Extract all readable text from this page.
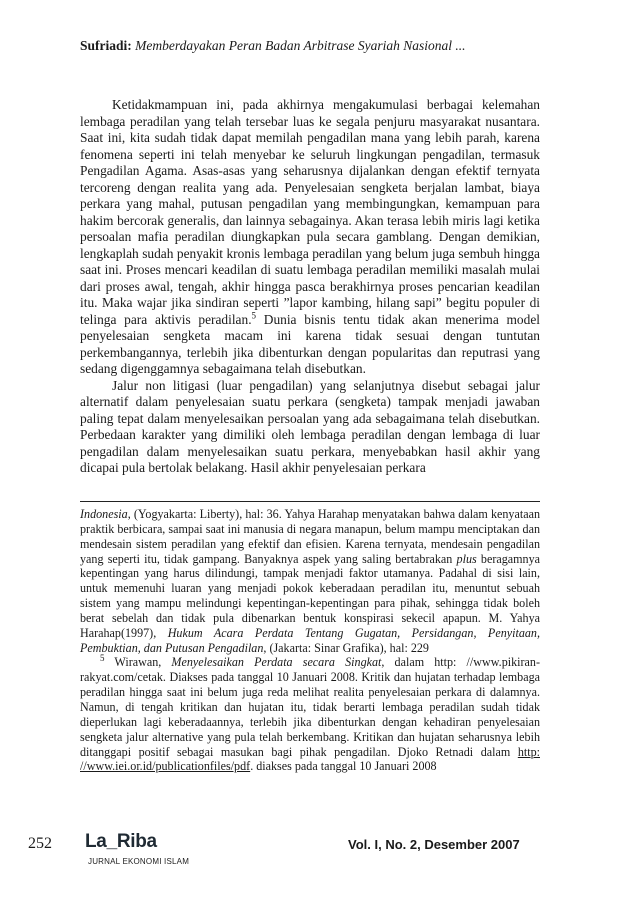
Sufriadi: Memberdayakan Peran Badan Arbitrase Syariah Nasional ...

Ketidakmampuan ini, pada akhirnya mengakumulasi berbagai kelemahan lembaga peradilan yang telah tersebar luas ke segala penjuru masyarakat nusantara. Saat ini, kita sudah tidak dapat memilah pengadilan mana yang lebih parah, karena fenomena seperti ini telah menyebar ke seluruh lingkungan pengadilan, termasuk Pengadilan Agama. Asas-asas yang seharusnya dijalankan dengan efektif ternyata tercoreng dengan realita yang ada. Penyelesaian sengketa berjalan lambat, biaya perkara yang mahal, putusan pengadilan yang membingungkan, kemampuan para hakim bercorak generalis, dan lainnya sebagainya. Akan terasa lebih miris lagi ketika persoalan mafia peradilan diungkapkan pula secara gamblang. Dengan demikian, lengkaplah sudah penyakit kronis lembaga peradilan yang belum juga sembuh hingga saat ini. Proses mencari keadilan di suatu lembaga peradilan memiliki masalah mulai dari proses awal, tengah, akhir hingga pasca berakhirnya proses pencarian keadilan itu. Maka wajar jika sindiran seperti ”lapor kambing, hilang sapi” begitu populer di telinga para aktivis peradilan.$^5$ Dunia bisnis tentu tidak akan menerima model penyelesaian sengketa macam ini karena tidak sesuai dengan tuntutan perkembangannya, terlebih jika dibenturkan dengan popularitas dan reputrasi yang sedang digenggamnya sebagaimana telah disebutkan.

Jalur non litigasi (luar pengadilan) yang selanjutnya disebut sebagai jalur alternatif dalam penyelesaian suatu perkara (sengketa) tampak menjadi jawaban paling tepat dalam menyelesaikan persoalan yang ada sebagaimana telah disebutkan. Perbedaan karakter yang dimiliki oleh lembaga peradilan dengan lembaga di luar pengadilan dalam menyelesaikan suatu perkara, menyebabkan hasil akhir yang dicapai pula bertolak belakang. Hasil akhir penyelesaian perkara

Indonesia, (Yogyakarta: Liberty), hal: 36. Yahya Harahap menyatakan bahwa dalam kenyataan praktik berbicara, sampai saat ini manusia di negara manapun, belum mampu menciptakan dan mendesain sistem peradilan yang efektif dan efisien. Karena ternyata, mendesain pengadilan yang seperti itu, tidak gampang. Banyaknya aspek yang saling bertabrakan plus beragamnya kepentingan yang harus dilindungi, tampak menjadi faktor utamanya. Padahal di sisi lain, untuk memenuhi luaran yang menjadi pokok keberadaan peradilan itu, menuntut sebuah sistem yang mampu melindungi kepentingan-kepentingan para pihak, sehingga tidak boleh berat sebelah dan tidak pula dibenarkan bentuk konspirasi sekecil apapun. M. Yahya Harahap(1997), Hukum Acara Perdata Tentang Gugatan, Persidangan, Penyitaan, Pembuktian, dan Putusan Pengadilan, (Jakarta: Sinar Grafika), hal: 229

$^5$ Wirawan, Menyelesaikan Perdata secara Singkat, dalam http: //www.pikiran-rakyat.com/cetak. Diakses pada tanggal 10 Januari 2008. Kritik dan hujatan terhadap lembaga peradilan hingga saat ini belum juga reda melihat realita penyelesaian perkara di dalamnya. Namun, di tengah kritikan dan hujatan itu, tidak berarti lembaga peradilan sudah tidak dieperlukan lagi keberadaannya, terlebih jika dibenturkan dengan kehadiran penyelesaian sengketa jalur alternative yang pula telah berkembang. Kritikan dan hujatan seharusnya lebih ditanggapi positif sebagai masukan bagi pihak pengadilan. Djoko Retnadi dalam http: //www.iei.or.id/publicationfiles/pdf. diakses pada tanggal 10 Januari 2008

252 La_Riba
JURNAL EKONOMI ISLAM
Vol. I, No. 2, Desember 2007
